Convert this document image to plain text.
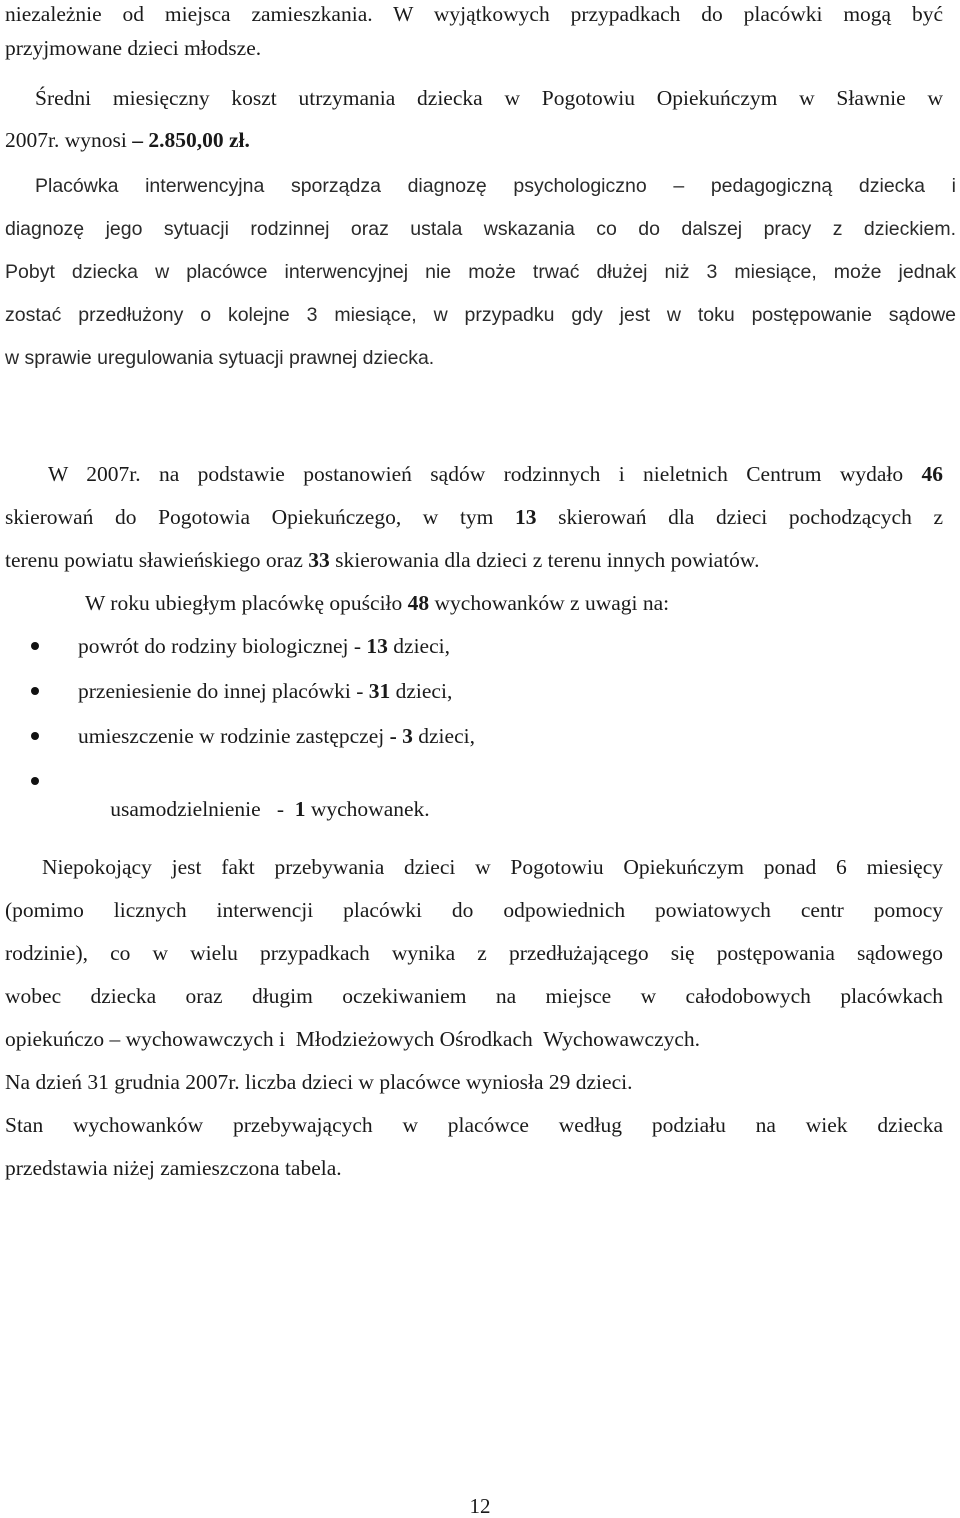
niezależnie od miejsca zamieszkania. W wyjątkowych przypadkach do placówki mogą być
przyjmowane dzieci młodsze.
Średni miesięczny koszt utrzymania dziecka w Pogotowiu Opiekuńczym w Sławnie w
2007r. wynosi – 2.850,00 zł.
Placówka interwencyjna sporządza diagnozę psychologiczno – pedagogiczną dziecka i
diagnozę jego sytuacji rodzinnej oraz ustala wskazania co do dalszej pracy z dzieckiem.
Pobyt dziecka w placówce interwencyjnej nie może trwać dłużej niż 3 miesiące, może jednak
zostać przedłużony o kolejne 3 miesiące, w przypadku gdy jest w toku postępowanie sądowe
w sprawie uregulowania sytuacji prawnej dziecka.
W 2007r. na podstawie postanowień sądów rodzinnych i nieletnich Centrum wydało 46
skierowań do Pogotowia Opiekuńczego, w tym 13 skierowań dla dzieci pochodzących z
terenu powiatu sławieńskiego oraz 33 skierowania dla dzieci z terenu innych powiatów.
W roku ubiegłym placówkę opuściło 48 wychowanków z uwagi na:
powrót do rodziny biologicznej - 13 dzieci,
przeniesienie do innej placówki - 31 dzieci,
umieszczenie w rodzinie zastępczej - 3 dzieci,

usamodzielnienie   -  1 wychowanek.

Niepokojący jest fakt przebywania dzieci w Pogotowiu Opiekuńczym ponad 6 miesięcy
(pomimo licznych interwencji placówki do odpowiednich powiatowych centr pomocy
rodzinie), co w wielu przypadkach wynika z przedłużającego się postępowania sądowego
wobec dziecka oraz długim oczekiwaniem na miejsce w całodobowych placówkach
opiekuńczo – wychowawczych i  Młodzieżowych Ośrodkach  Wychowawczych.
Na dzień 31 grudnia 2007r. liczba dzieci w placówce wyniosła 29 dzieci.
Stan wychowanków przebywających w placówce według podziału na wiek dziecka
przedstawia niżej zamieszczona tabela.
12
